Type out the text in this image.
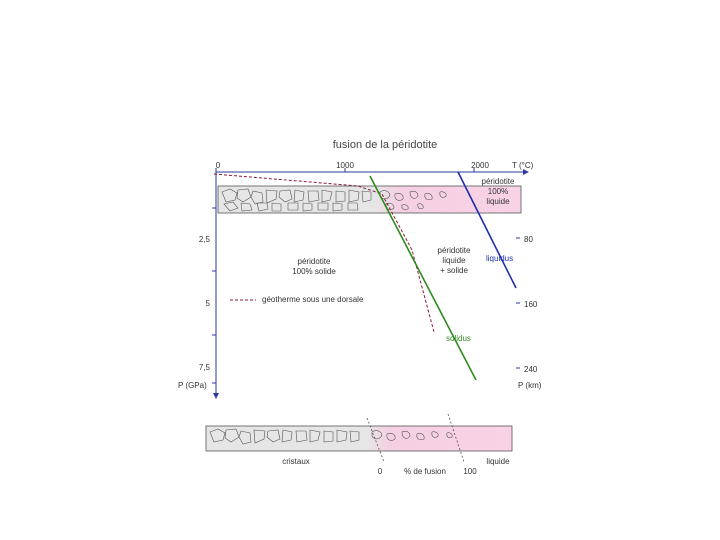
fusion de la péridotite
0	1000	2000	T (°C)
2,5
5
7,5
P (GPa)
80
160
240
P (km)
péridotite
100% solide
péridotite
liquide
+ solide
péridotite
100%
liquide
géotherme sous une dorsale
liquidus
solidus
cristaux	liquide
0	% de fusion 100
